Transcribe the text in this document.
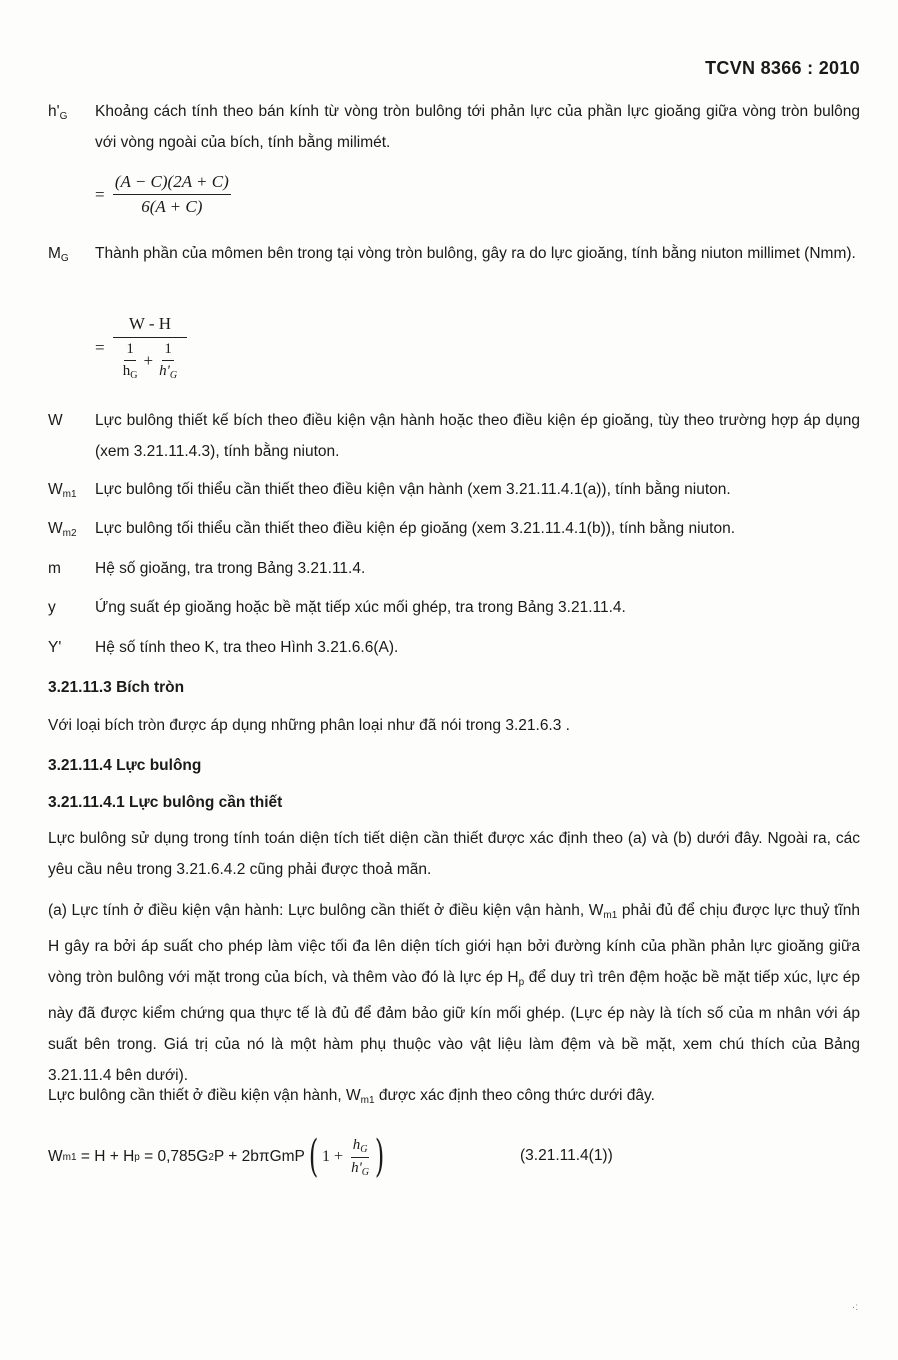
TCVN 8366 : 2010
$h'_G$	Khoảng cách tính theo bán kính từ vòng tròn bulông tới phản lực của phần lực gioăng giữa vòng tròn bulông với vòng ngoài của bích, tính bằng milimét.
= $\frac{(A - C)(2A + C)}{6(A + C)}$
$M_G$	Thành phần của mômen bên trong tại vòng tròn bulông, gây ra do lực gioăng, tính bằng niuton millimet (Nmm).
= $\frac{W - H}{\frac{1}{h_G} + \frac{1}{h'_G}}$
W	Lực bulông thiết kế bích theo điều kiện vận hành hoặc theo điều kiện ép gioăng, tùy theo trường hợp áp dụng (xem 3.21.11.4.3), tính bằng niuton.
$W_{m1}$	Lực bulông tối thiểu cần thiết theo điều kiện vận hành (xem 3.21.11.4.1(a)), tính bằng niuton.
$W_{m2}$	Lực bulông tối thiểu cần thiết theo điều kiện ép gioăng (xem 3.21.11.4.1(b)), tính bằng niuton.
m	Hệ số gioăng, tra trong Bảng 3.21.11.4.
y	Ứng suất ép gioăng hoặc bề mặt tiếp xúc mối ghép, tra trong Bảng 3.21.11.4.
Y'	Hệ số tính theo K, tra theo Hình 3.21.6.6(A).
3.21.11.3 Bích tròn
Với loại bích tròn được áp dụng những phân loại như đã nói trong 3.21.6.3 .
3.21.11.4 Lực bulông
3.21.11.4.1 Lực bulông cần thiết
Lực bulông sử dụng trong tính toán diện tích tiết diện cần thiết được xác định theo (a) và (b) dưới đây. Ngoài ra, các yêu cầu nêu trong 3.21.6.4.2 cũng phải được thoả mãn.
(a) Lực tính ở điều kiện vận hành: Lực bulông cần thiết ở điều kiện vận hành, $W_{m1}$ phải đủ để chịu được lực thuỷ tĩnh H gây ra bởi áp suất cho phép làm việc tối đa lên diện tích giới hạn bởi đường kính của phần phản lực gioăng giữa vòng tròn bulông với mặt trong của bích, và thêm vào đó là lực ép $H_p$ để duy trì trên đệm hoặc bề mặt tiếp xúc, lực ép này đã được kiểm chứng qua thực tế là đủ để đảm bảo giữ kín mối ghép. (Lực ép này là tích số của m nhân với áp suất bên trong. Giá trị của nó là một hàm phụ thuộc vào vật liệu làm đệm và bề mặt, xem chú thích của Bảng 3.21.11.4 bên dưới).
Lực bulông cần thiết ở điều kiện vận hành, $W_{m1}$ được xác định theo công thức dưới đây.
W m1 = H + H p = 0,785G 2 P + 2bπGmP ( $1 + \frac{h_G}{h'_G}$ )	(3.21.11.4(1))
·:
